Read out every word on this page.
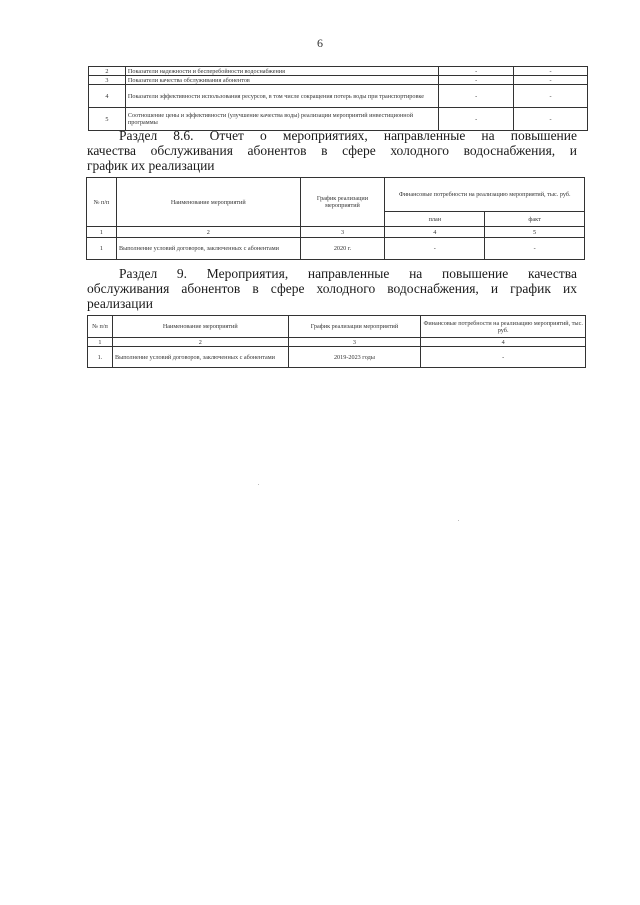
6
2	Показатели надежности и бесперебойности водоснабжения	-	-
3	Показатели качества обслуживания абонентов	-	-
4	Показатели эффективности использования ресурсов, в том числе сокращения потерь воды при транспортировке	-	-
5	Соотношение цены и эффективности (улучшение качества воды) реализации мероприятий инвестиционной программы	-	-
Раздел 8.6. Отчет о мероприятиях, направленные на повышение
качества обслуживания абонентов в сфере холодного водоснабжения, и
график их реализации
№ п/п	Наименование мероприятий	График реализации мероприятий	Финансовые потребности на реализацию мероприятий, тыс. руб.	
			план	факт
1	2	3	4	5
1	Выполнение условий договоров, заключенных с абонентами	2020 г.	-	-
Раздел 9. Мероприятия, направленные на повышение качества
обслуживания абонентов в сфере холодного водоснабжения, и график их
реализации
№ п/п	Наименование мероприятий	График реализации мероприятий	Финансовые потребности на реализацию мероприятий, тыс. руб.
1	2	3	4
1.	Выполнение условий договоров, заключенных с абонентами	2019-2023 годы	-
